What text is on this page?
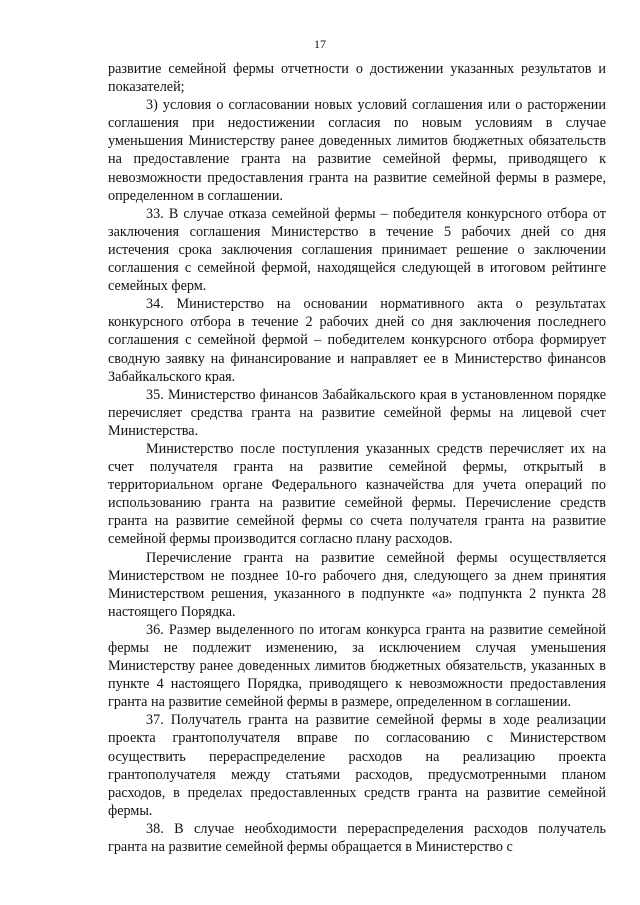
17

развитие семейной фермы отчетности о достижении указанных результатов и показателей;

3) условия о согласовании новых условий соглашения или о расторжении соглашения при недостижении согласия по новым условиям в случае уменьшения Министерству ранее доведенных лимитов бюджетных обязательств на предоставление гранта на развитие семейной фермы, приводящего к невозможности предоставления гранта на развитие семейной фермы в размере, определенном в соглашении.

33. В случае отказа семейной фермы – победителя конкурсного отбора от заключения соглашения Министерство в течение 5 рабочих дней со дня истечения срока заключения соглашения принимает решение о заключении соглашения с семейной фермой, находящейся следующей в итоговом рейтинге семейных ферм.

34. Министерство на основании нормативного акта о результатах конкурсного отбора в течение 2 рабочих дней со дня заключения последнего соглашения с семейной фермой – победителем конкурсного отбора формирует сводную заявку на финансирование и направляет ее в Министерство финансов Забайкальского края.

35. Министерство финансов Забайкальского края в установленном порядке перечисляет средства гранта на развитие семейной фермы на лицевой счет Министерства.

Министерство после поступления указанных средств перечисляет их на счет получателя гранта на развитие семейной фермы, открытый в территориальном органе Федерального казначейства для учета операций по использованию гранта на развитие семейной фермы. Перечисление средств гранта на развитие семейной фермы со счета получателя гранта на развитие семейной фермы производится согласно плану расходов.

Перечисление гранта на развитие семейной фермы осуществляется Министерством не позднее 10-го рабочего дня, следующего за днем принятия Министерством решения, указанного в подпункте «а» подпункта 2 пункта 28 настоящего Порядка.

36. Размер выделенного по итогам конкурса гранта на развитие семейной фермы не подлежит изменению, за исключением случая уменьшения Министерству ранее доведенных лимитов бюджетных обязательств, указанных в пункте 4 настоящего Порядка, приводящего к невозможности предоставления гранта на развитие семейной фермы в размере, определенном в соглашении.

37. Получатель гранта на развитие семейной фермы в ходе реализации проекта грантополучателя вправе по согласованию с Министерством осуществить перераспределение расходов на реализацию проекта грантополучателя между статьями расходов, предусмотренными планом расходов, в пределах предоставленных средств гранта на развитие семейной фермы.

38. В случае необходимости перераспределения расходов получатель гранта на развитие семейной фермы обращается в Министерство с
